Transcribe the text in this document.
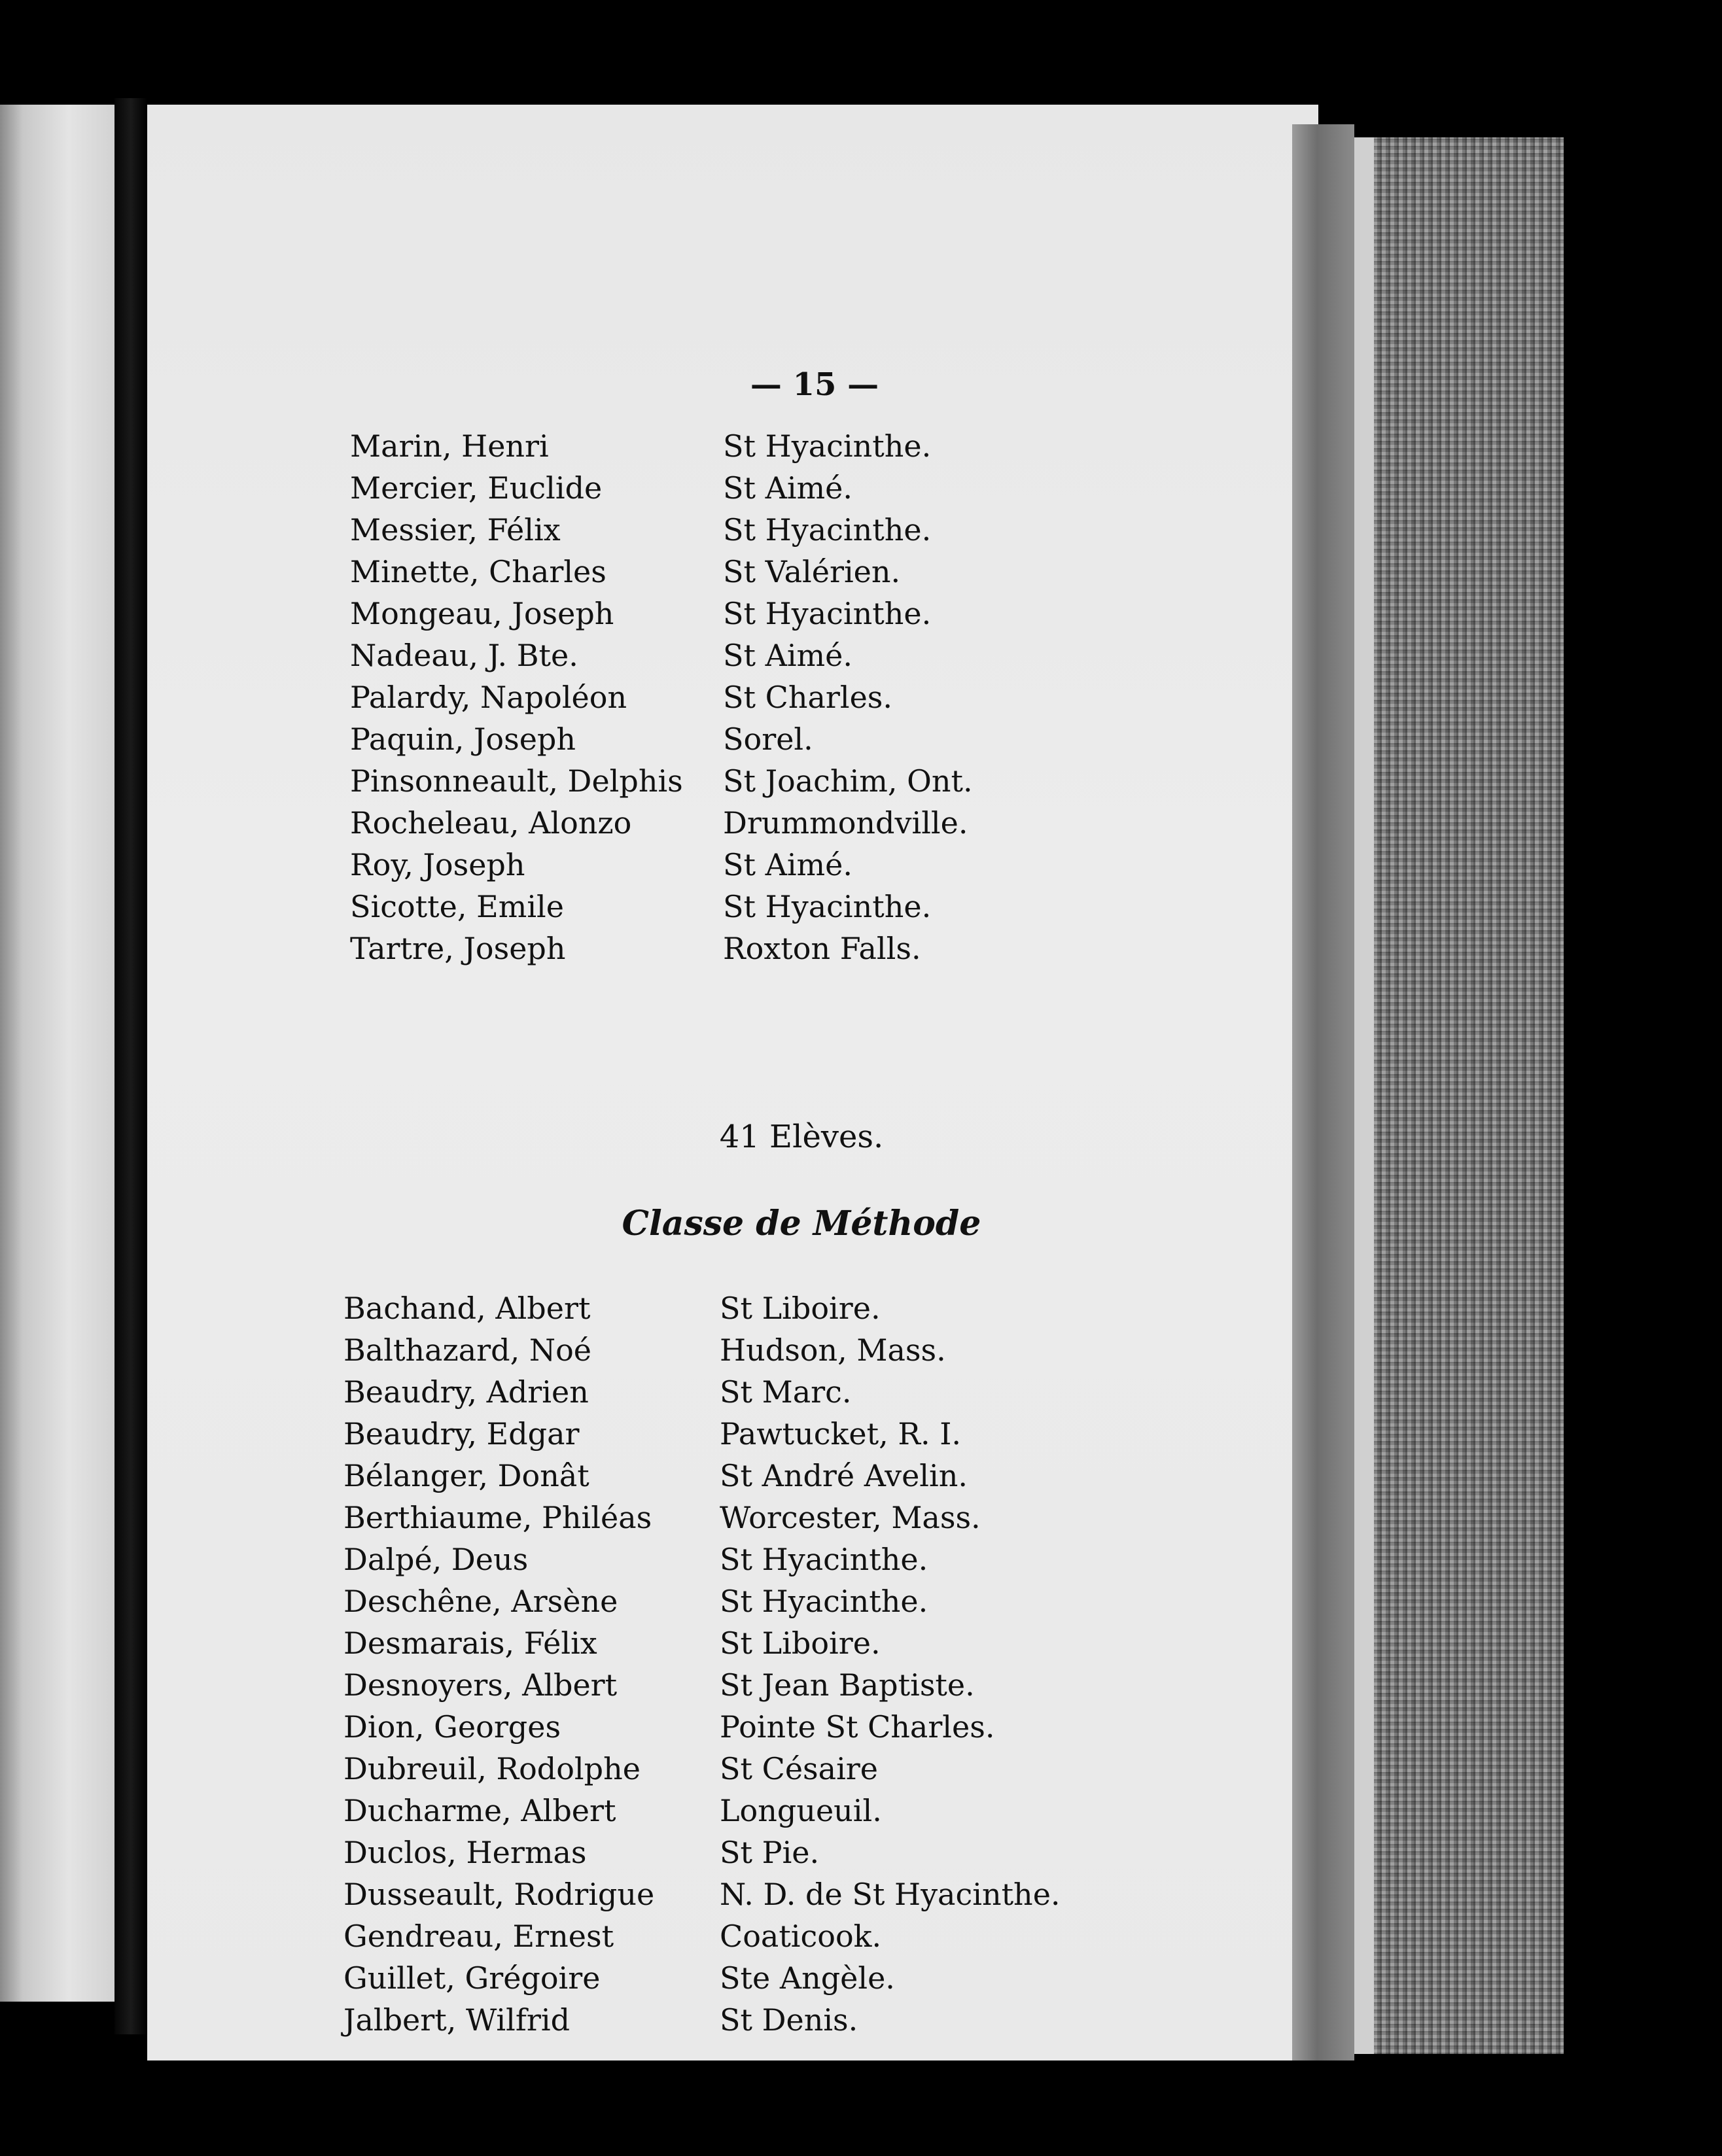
— 15 —
Marin, Henri	St Hyacinthe.
Mercier, Euclide	St Aimé.
Messier, Félix	St Hyacinthe.
Minette, Charles	St Valérien.
Mongeau, Joseph	St Hyacinthe.
Nadeau, J. Bte.	St Aimé.
Palardy, Napoléon	St Charles.
Paquin, Joseph	Sorel.
Pinsonneault, Delphis St Joachim, Ont.
Rocheleau, Alonzo	Drummondville.
Roy, Joseph	St Aimé.
Sicotte, Emile	St Hyacinthe.
Tartre, Joseph	Roxton Falls.
41 Elèves.
Classe de Méthode
Bachand, Albert	St Liboire.
Balthazard, Noé	Hudson, Mass.
Beaudry, Adrien	St Marc.
Beaudry, Edgar	Pawtucket, R. I.
Bélanger, Donât	St André Avelin.
Berthiaume, Philéas Worcester, Mass.
Dalpé, Deus	St Hyacinthe.
Deschêne, Arsène	St Hyacinthe.
Desmarais, Félix	St Liboire.
Desnoyers, Albert	St Jean Baptiste.
Dion, Georges	Pointe St Charles.
Dubreuil, Rodolphe	St Césaire
Ducharme, Albert	Longueuil.
Duclos, Hermas	St Pie.
Dusseault, Rodrigue N. D. de St Hyacinthe.
Gendreau, Ernest	Coaticook.
Guillet, Grégoire	Ste Angèle.
Jalbert, Wilfrid	St Denis.
